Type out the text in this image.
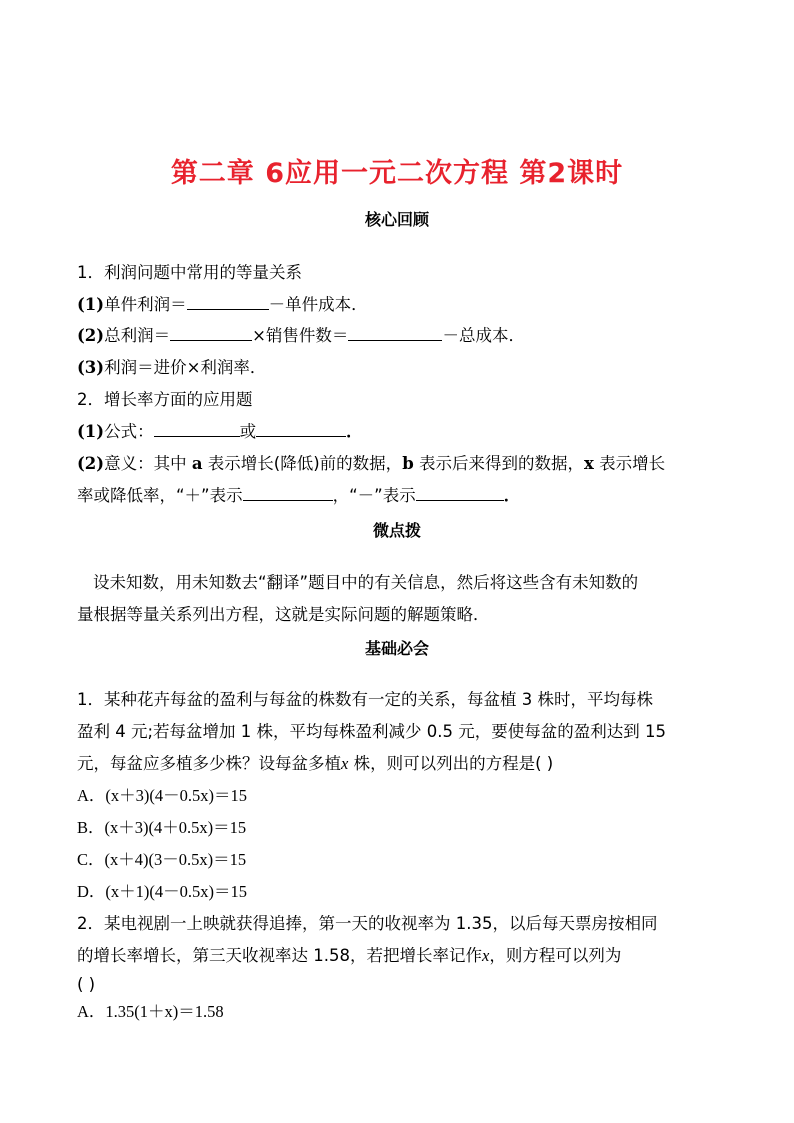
第二章 6应用一元二次方程 第2课时
核心回顾
1．利润问题中常用的等量关系
(1)单件利润＝	－单件成本．
(2)总利润＝	×销售件数＝	－总成本．
(3)利润＝进价×利润率．
2．增长率方面的应用题
(1)公式：	或	．
(2)意义：其中 a 表示增长(降低)前的数据，b 表示后来得到的数据，x 表示增长
率或降低率，“＋”表示	，“－”表示	．
微点拨
设未知数，用未知数去“翻译”题目中的有关信息，然后将这些含有未知数的
量根据等量关系列出方程，这就是实际问题的解题策略．
基础必会
1．某种花卉每盆的盈利与每盆的株数有一定的关系，每盆植 3 株时，平均每株
盈利 4 元;若每盆增加 1 株，平均每株盈利减少 0.5 元，要使每盆的盈利达到 15
元，每盆应多植多少株？设每盆多植x 株，则可以列出的方程是( )
A．(x＋3)(4－0.5x)＝15
B．(x＋3)(4＋0.5x)＝15
C．(x＋4)(3－0.5x)＝15
D．(x＋1)(4－0.5x)＝15
2．某电视剧一上映就获得追捧，第一天的收视率为 1.35，以后每天票房按相同
的增长率增长，第三天收视率达 1.58，若把增长率记作x，则方程可以列为
( )
A．1.35(1＋x)＝1.58
